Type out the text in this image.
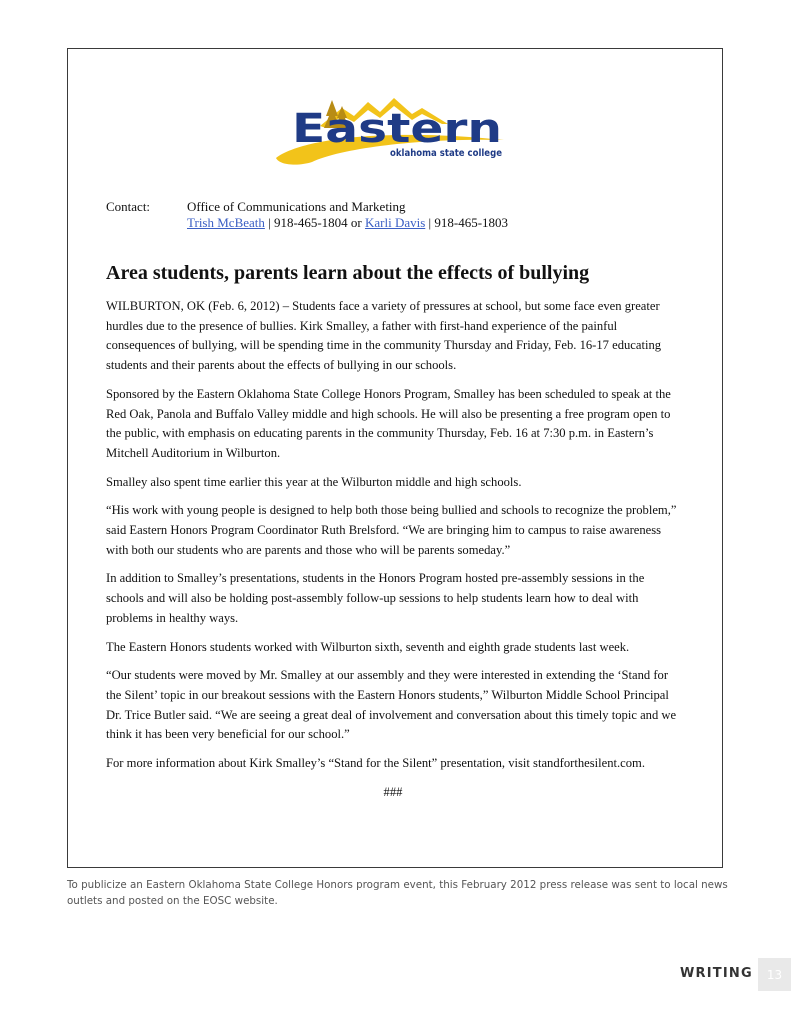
Eastern
oklahoma state college
Contact:	Office of Communications and Marketing
Trish McBeath | 918-465-1804 or Karli Davis | 918-465-1803
Area students, parents learn about the effects of bullying

WILBURTON, OK (Feb. 6, 2012) – Students face a variety of pressures at school, but some face even greater hurdles due to the presence of bullies. Kirk Smalley, a father with first-hand experience of the painful consequences of bullying, will be spending time in the community Thursday and Friday, Feb. 16-17 educating students and their parents about the effects of bullying in our schools.

Sponsored by the Eastern Oklahoma State College Honors Program, Smalley has been scheduled to speak at the Red Oak, Panola and Buffalo Valley middle and high schools. He will also be presenting a free program open to the public, with emphasis on educating parents in the community Thursday, Feb. 16 at 7:30 p.m. in Eastern’s Mitchell Auditorium in Wilburton.

Smalley also spent time earlier this year at the Wilburton middle and high schools.

“His work with young people is designed to help both those being bullied and schools to recognize the problem,” said Eastern Honors Program Coordinator Ruth Brelsford. “We are bringing him to campus to raise awareness with both our students who are parents and those who will be parents someday.”

In addition to Smalley’s presentations, students in the Honors Program hosted pre-assembly sessions in the schools and will also be holding post-assembly follow-up sessions to help students learn how to deal with problems in healthy ways.

The Eastern Honors students worked with Wilburton sixth, seventh and eighth grade students last week.

“Our students were moved by Mr. Smalley at our assembly and they were interested in extending the ‘Stand for the Silent’ topic in our breakout sessions with the Eastern Honors students,” Wilburton Middle School Principal Dr. Trice Butler said. “We are seeing a great deal of involvement and conversation about this timely topic and we think it has been very beneficial for our school.”

For more information about Kirk Smalley’s “Stand for the Silent” presentation, visit standforthesilent.com.

###

To publicize an Eastern Oklahoma State College Honors program event, this February 2012 press release was sent to local news outlets and posted on the EOSC website.
WRITING	13
